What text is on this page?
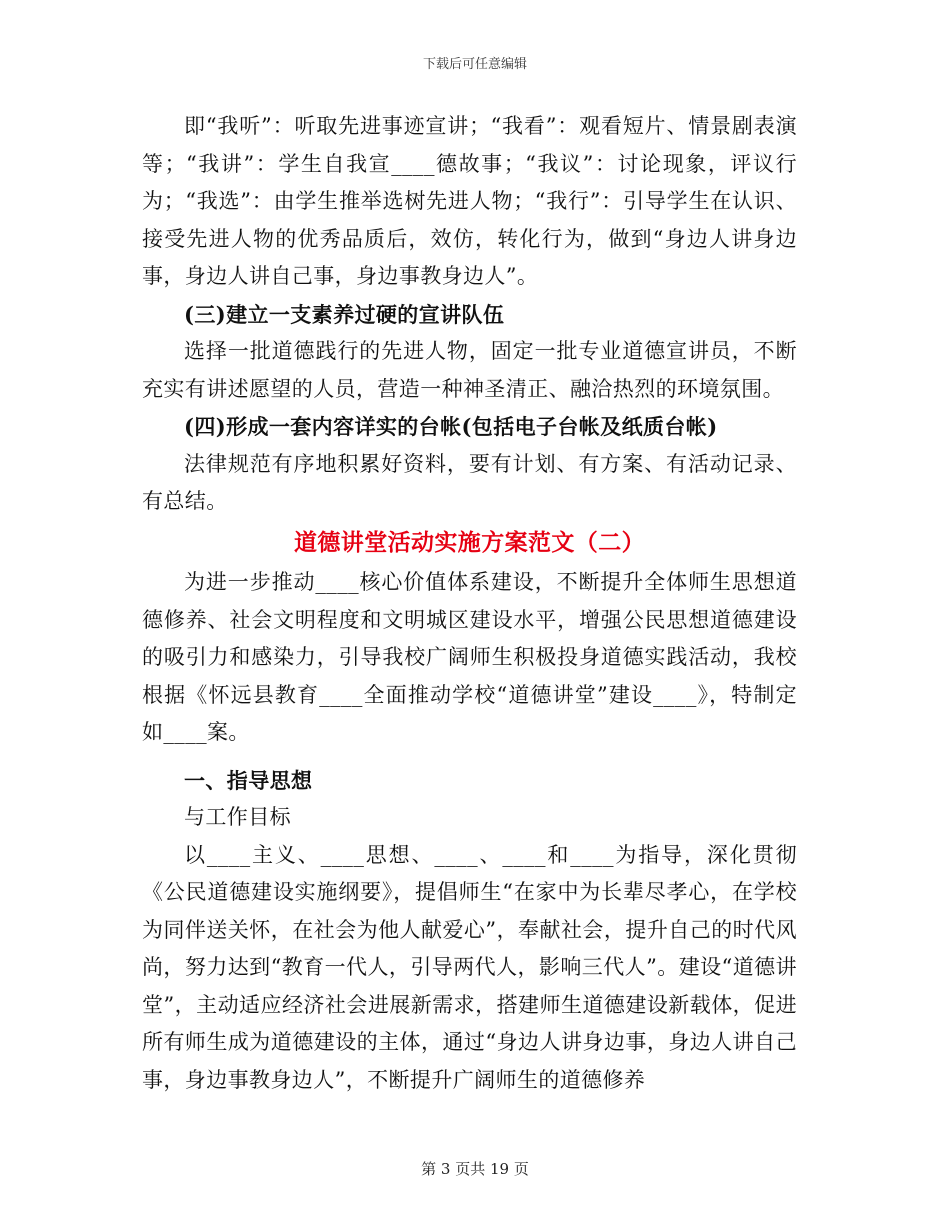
下载后可任意编辑

即“我听”：听取先进事迹宣讲；“我看”：观看短片、情景剧表演等；“我讲”：学生自我宣____德故事；“我议”：讨论现象，评议行为；“我选”：由学生推举选树先进人物；“我行”：引导学生在认识、接受先进人物的优秀品质后，效仿，转化行为，做到“身边人讲身边事，身边人讲自己事，身边事教身边人”。

(三)建立一支素养过硬的宣讲队伍

选择一批道德践行的先进人物，固定一批专业道德宣讲员，不断充实有讲述愿望的人员，营造一种神圣清正、融洽热烈的环境氛围。

(四)形成一套内容详实的台帐(包括电子台帐及纸质台帐)

法律规范有序地积累好资料，要有计划、有方案、有活动记录、有总结。

道德讲堂活动实施方案范文（二）

为进一步推动____核心价值体系建设，不断提升全体师生思想道德修养、社会文明程度和文明城区建设水平，增强公民思想道德建设的吸引力和感染力，引导我校广阔师生积极投身道德实践活动，我校根据《怀远县教育____全面推动学校“道德讲堂”建设____》，特制定如____案。

一、指导思想

与工作目标

以____主义、____思想、____、____和____为指导，深化贯彻《公民道德建设实施纲要》，提倡师生“在家中为长辈尽孝心，在学校为同伴送关怀，在社会为他人献爱心”，奉献社会，提升自己的时代风尚，努力达到“教育一代人，引导两代人，影响三代人”。建设“道德讲堂”，主动适应经济社会进展新需求，搭建师生道德建设新载体，促进所有师生成为道德建设的主体，通过“身边人讲身边事，身边人讲自己事，身边事教身边人”，不断提升广阔师生的道德修养

第 3 页共 19 页
